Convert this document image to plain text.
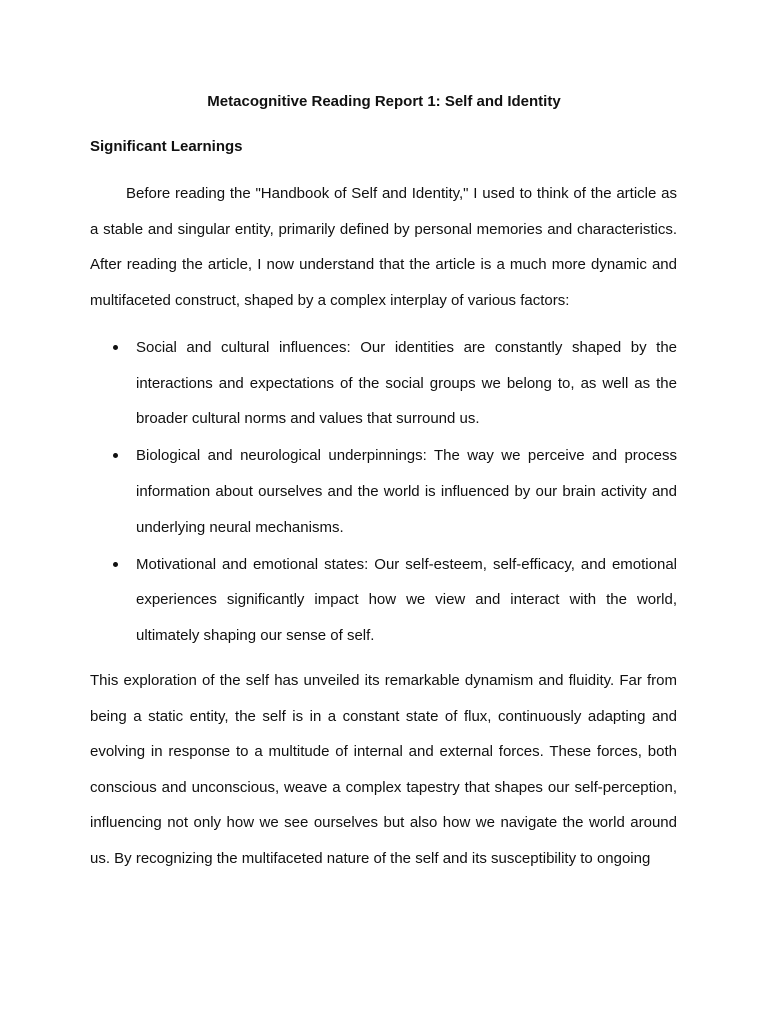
Metacognitive Reading Report 1: Self and Identity
Significant Learnings

Before reading the "Handbook of Self and Identity," I used to think of the article as a stable and singular entity, primarily defined by personal memories and characteristics. After reading the article, I now understand that the article is a much more dynamic and multifaceted construct, shaped by a complex interplay of various factors:

Social and cultural influences: Our identities are constantly shaped by the interactions and expectations of the social groups we belong to, as well as the broader cultural norms and values that surround us.
Biological and neurological underpinnings: The way we perceive and process information about ourselves and the world is influenced by our brain activity and underlying neural mechanisms.
Motivational and emotional states: Our self-esteem, self-efficacy, and emotional experiences significantly impact how we view and interact with the world, ultimately shaping our sense of self.

This exploration of the self has unveiled its remarkable dynamism and fluidity. Far from being a static entity, the self is in a constant state of flux, continuously adapting and evolving in response to a multitude of internal and external forces. These forces, both conscious and unconscious, weave a complex tapestry that shapes our self-perception, influencing not only how we see ourselves but also how we navigate the world around us. By recognizing the multifaceted nature of the self and its susceptibility to ongoing
